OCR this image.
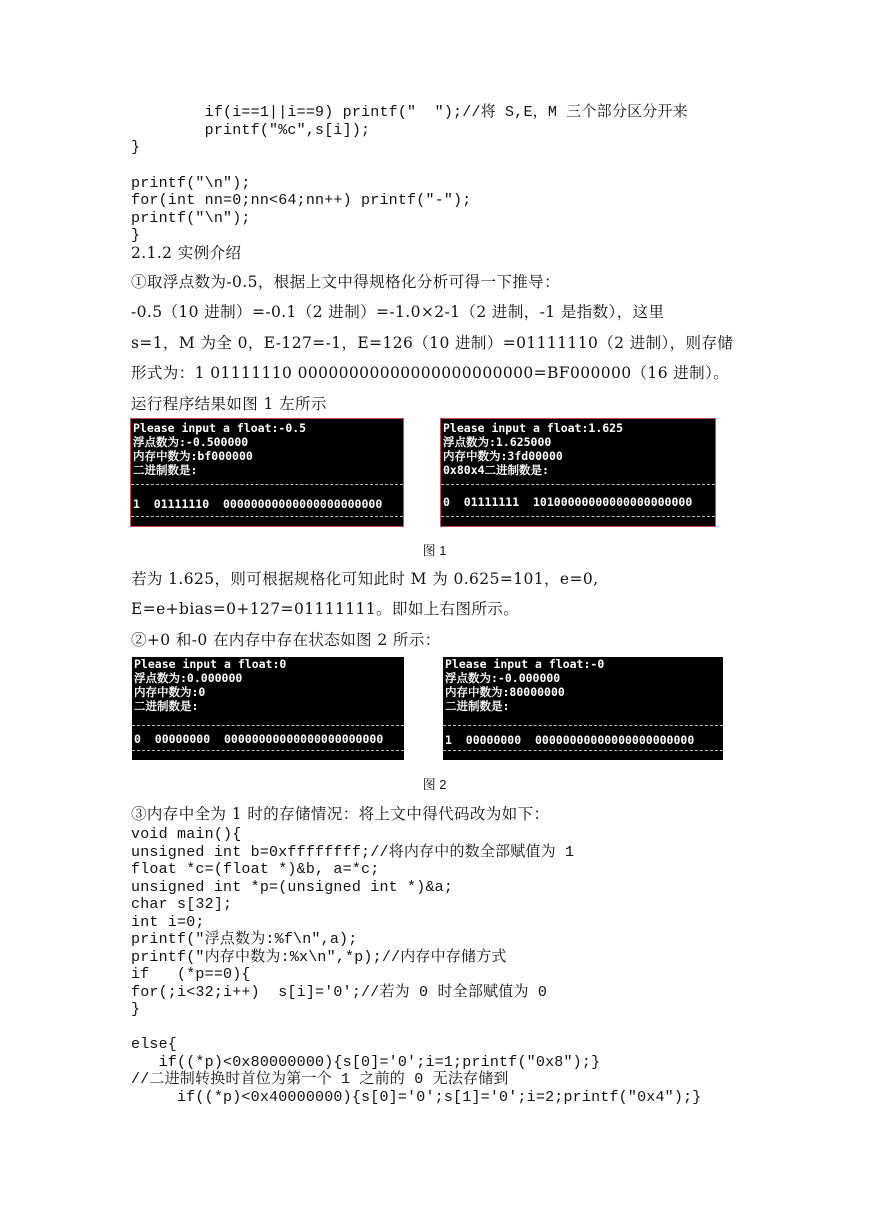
if(i==1||i==9) printf("  ");//将 S,E，M 三个部分区分开来
printf("%c",s[i]);
}
printf("\n");
for(int nn=0;nn<64;nn++) printf("-");
printf("\n");
}
2.1.2 实例介绍
①取浮点数为-0.5，根据上文中得规格化分析可得一下推导：
-0.5（10 进制）=-0.1（2 进制）=-1.0×2-1（2 进制，-1 是指数），这里
s=1，M 为全 0，E-127=-1，E=126（10 进制）=01111110（2 进制），则存储
形式为：1 01111110 00000000000000000000000=BF000000（16 进制）。
运行程序结果如图 1 左所示
Please input a float:-0.5
浮点数为:-0.500000
内存中数为:bf000000
二进制数是:
1  01111110  00000000000000000000000
Please input a float:1.625
浮点数为:1.625000
内存中数为:3fd00000
0x80x4二进制数是:
0  01111111  10100000000000000000000
图 1
若为 1.625，则可根据规格化可知此时 M 为 0.625=101，e=0,
E=e+bias=0+127=01111111。即如上右图所示。
②+0 和-0 在内存中存在状态如图 2 所示：
Please input a float:0
浮点数为:0.000000
内存中数为:0
二进制数是:
0  00000000  00000000000000000000000
Please input a float:-0
浮点数为:-0.000000
内存中数为:80000000
二进制数是:
1  00000000  00000000000000000000000
图 2
③内存中全为 1 时的存储情况：将上文中得代码改为如下：
void main(){
unsigned int b=0xffffffff;//将内存中的数全部赋值为 1
float *c=(float *)&b, a=*c;
unsigned int *p=(unsigned int *)&a;
char s[32];
int i=0;
printf("浮点数为:%f\n",a);
printf("内存中数为:%x\n",*p);//内存中存储方式
if   (*p==0){
for(;i<32;i++)  s[i]='0';//若为 0 时全部赋值为 0
}
else{
if((*p)<0x80000000){s[0]='0';i=1;printf("0x8");}
//二进制转换时首位为第一个 1 之前的 0 无法存储到
if((*p)<0x40000000){s[0]='0';s[1]='0';i=2;printf("0x4");}
